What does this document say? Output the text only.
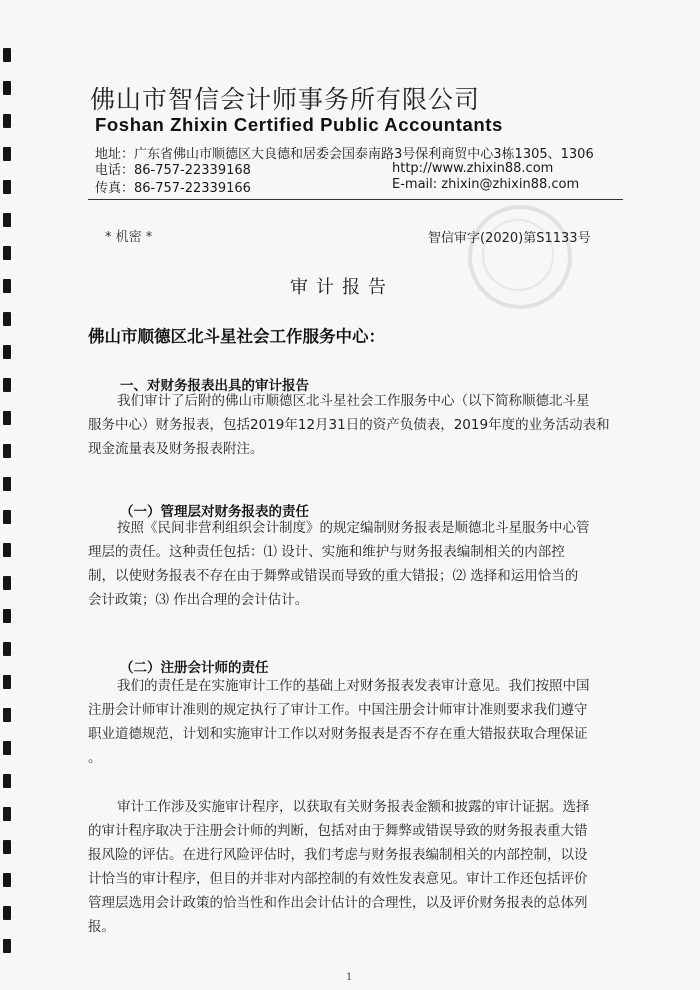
佛山市智信会计师事务所有限公司
Foshan Zhixin Certified Public Accountants
地址：广东省佛山市顺德区大良德和居委会国泰南路3号保利商贸中心3栋1305、1306
电话：86-757-22339168
传真：86-757-22339166
http://www.zhixin88.com
E-mail: zhixin@zhixin88.com
* 机密 *	智信审字(2020)第S1133号
审计报告
佛山市顺德区北斗星社会工作服务中心：
一、对财务报表出具的审计报告
我们审计了后附的佛山市顺德区北斗星社会工作服务中心（以下简称顺德北斗星
服务中心）财务报表，包括2019年12月31日的资产负债表，2019年度的业务活动表和
现金流量表及财务报表附注。
（一）管理层对财务报表的责任
按照《民间非营利组织会计制度》的规定编制财务报表是顺德北斗星服务中心管
理层的责任。这种责任包括：⑴ 设计、实施和维护与财务报表编制相关的内部控
制，以使财务报表不存在由于舞弊或错误而导致的重大错报；⑵ 选择和运用恰当的
会计政策；⑶ 作出合理的会计估计。
（二）注册会计师的责任
我们的责任是在实施审计工作的基础上对财务报表发表审计意见。我们按照中国
注册会计师审计准则的规定执行了审计工作。中国注册会计师审计准则要求我们遵守
职业道德规范，计划和实施审计工作以对财务报表是否不存在重大错报获取合理保证
。
审计工作涉及实施审计程序，以获取有关财务报表金额和披露的审计证据。选择
的审计程序取决于注册会计师的判断，包括对由于舞弊或错误导致的财务报表重大错
报风险的评估。在进行风险评估时，我们考虑与财务报表编制相关的内部控制，以设
计恰当的审计程序，但目的并非对内部控制的有效性发表意见。审计工作还包括评价
管理层选用会计政策的恰当性和作出会计估计的合理性，以及评价财务报表的总体列
报。
1
